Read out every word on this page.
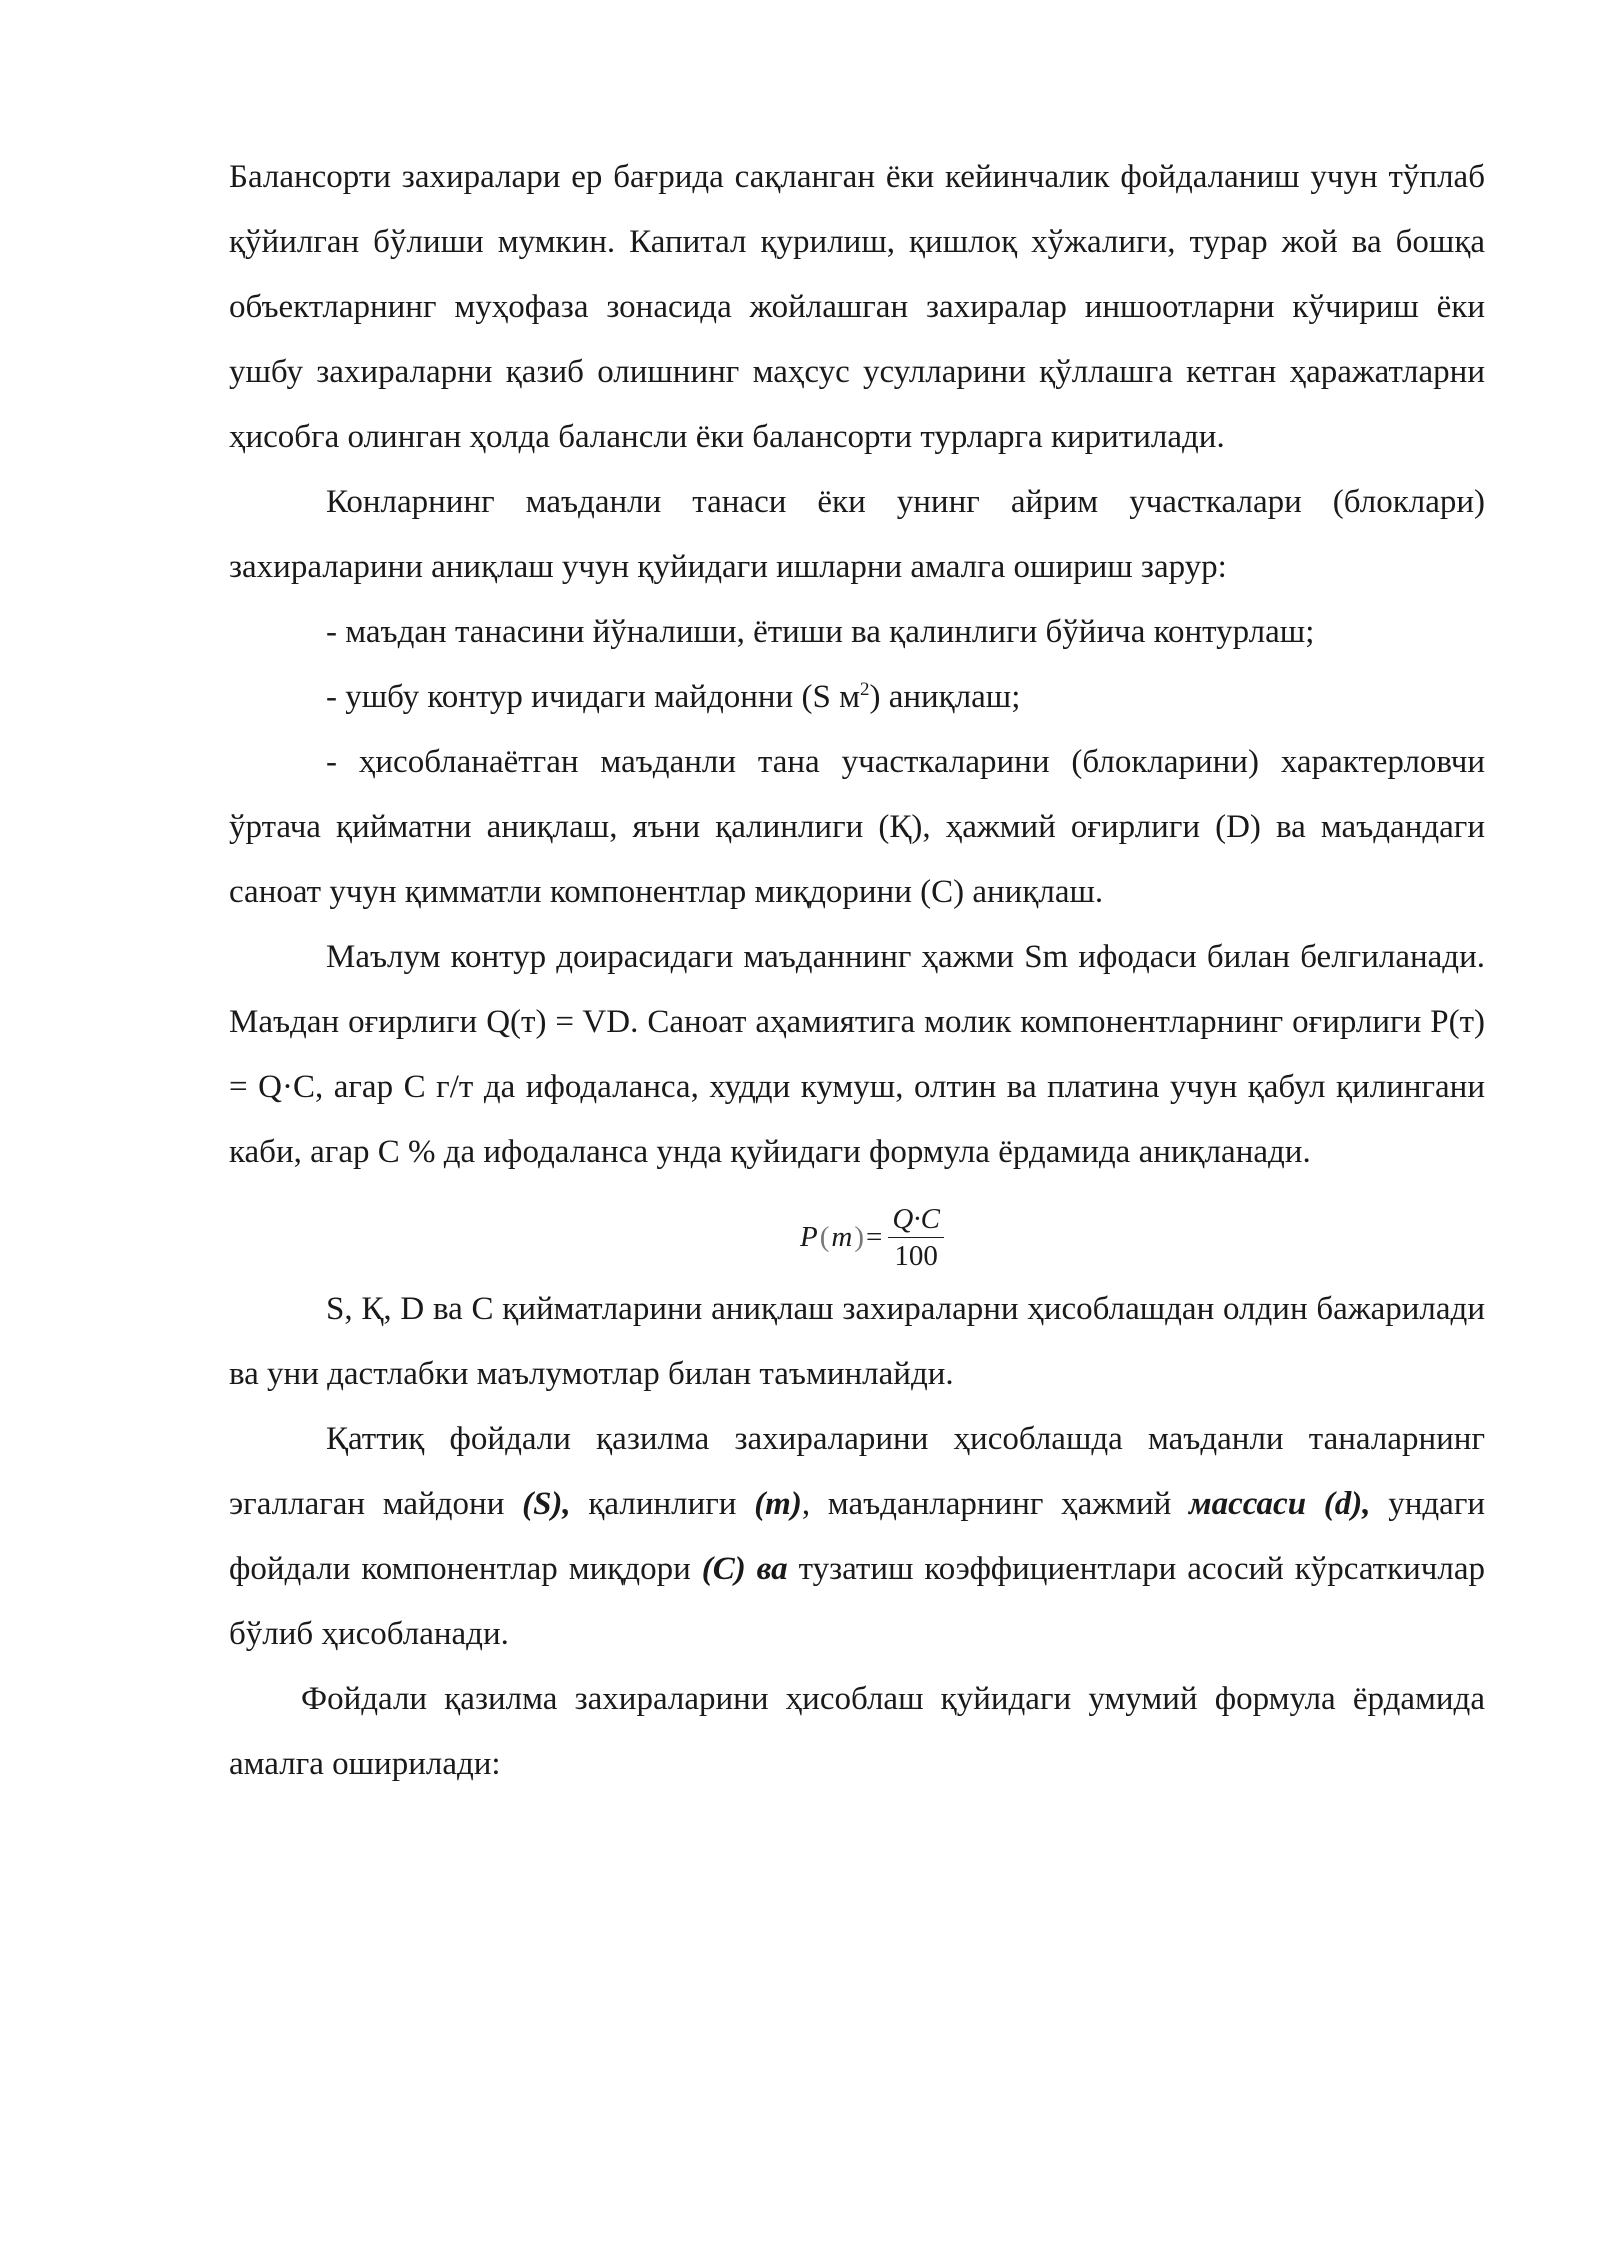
Балансорти захиралари ер бағрида сақланган ёки кейинчалик фойдаланиш учун тўплаб қўйилган бўлиши мумкин. Капитал қурилиш, қишлоқ хўжалиги, турар жой ва бошқа объектларнинг муҳофаза зонасида жойлашган захиралар иншоотларни кўчириш ёки ушбу захираларни қазиб олишнинг маҳсус усулларини қўллашга кетган ҳаражатларни ҳисобга олинган ҳолда балансли ёки балансорти турларга киритилади.

Конларнинг маъданли танаси ёки унинг айрим участкалари (блоклари) захираларини аниқлаш учун қуйидаги ишларни амалга ошириш зарур:

- маъдан танасини йўналиши, ётиши ва қалинлиги бўйича контурлаш;

- ушбу контур ичидаги майдонни (S $м^2$) аниқлаш;

- ҳисобланаётган маъданли тана участкаларини (блокларини) характерловчи ўртача қийматни аниқлаш, яъни қалинлиги (Қ), ҳажмий оғирлиги (D) ва маъдандаги саноат учун қимматли компонентлар миқдорини (С) аниқлаш.

Маълум контур доирасидаги маъданнинг ҳажми Sm ифодаси билан белгиланади. Маъдан оғирлиги Q(т) = VD. Саноат аҳамиятига молик компонентларнинг оғирлиги Р(т) = Q·С, агар С г/т да ифодаланса, худди кумуш, олтин ва платина учун қабул қилингани каби, агар С % да ифодаланса унда қуйидаги формула ёрдамида аниқланади.

P ( m ) = $\frac{Q\cdot C}{100}$

S, Қ, D ва С қийматларини аниқлаш захираларни ҳисоблашдан олдин бажарилади ва уни дастлабки маълумотлар билан таъминлайди.

Қаттиқ фойдали қазилма захираларини ҳисоблашда маъданли таналарнинг эгаллаган майдони (S), қалинлиги (m), маъданларнинг ҳажмий массаси (d), ундаги фойдали компонентлар миқдори (С) ва тузатиш коэффициентлари асосий кўрсаткичлар бўлиб ҳисобланади.

Фойдали қазилма захираларини ҳисоблаш қуйидаги умумий формула ёрдамида амалга оширилади:
